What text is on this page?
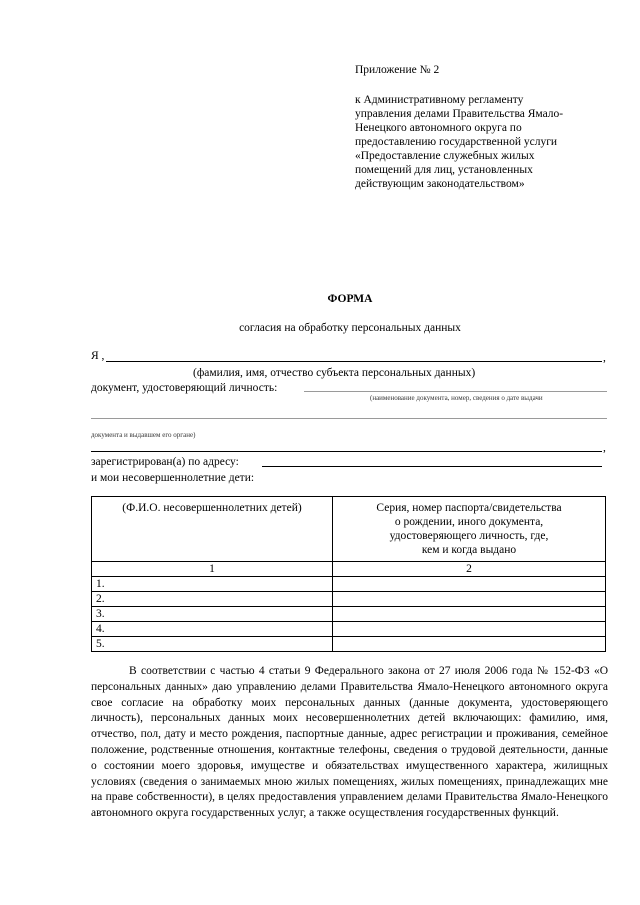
Приложение № 2
к Административному регламенту
управления делами Правительства Ямало-
Ненецкого автономного округа по
предоставлению государственной услуги
«Предоставление служебных жилых
помещений для лиц, установленных
действующим законодательством»
ФОРМА
согласия на обработку персональных данных
Я ,	,
(фамилия, имя, отчество субъекта персональных данных)
документ, удостоверяющий личность:
(наименование документа, номер, сведения о дате выдачи
документа и выдавшем его органе)
,
зарегистрирован(а) по адресу:
и мои несовершеннолетние дети:
(Ф.И.О. несовершеннолетних детей)	Серия, номер паспорта/свидетельства
о рождении, иного документа,
удостоверяющего личность, где,
кем и когда выдано

1	2
1.	
2.	
3.	
4.	
5.	
В соответствии с частью 4 статьи 9 Федерального закона от 27 июля 2006 года № 152-ФЗ «О персональных данных» даю управлению делами Правительства Ямало-Ненецкого автономного округа свое согласие на обработку моих персональных данных (данные документа, удостоверяющего личность), персональных данных моих несовершеннолетних детей включающих: фамилию, имя, отчество, пол, дату и место рождения, паспортные данные, адрес регистрации и проживания, семейное положение, родственные отношения, контактные телефоны, сведения о трудовой деятельности, данные о состоянии моего здоровья, имуществе и обязательствах имущественного характера, жилищных условиях (сведения о занимаемых мною жилых помещениях, жилых помещениях, принадлежащих мне на праве собственности), в целях предоставления управлением делами Правительства Ямало-Ненецкого автономного округа государственных услуг, а также осуществления государственных функций.
